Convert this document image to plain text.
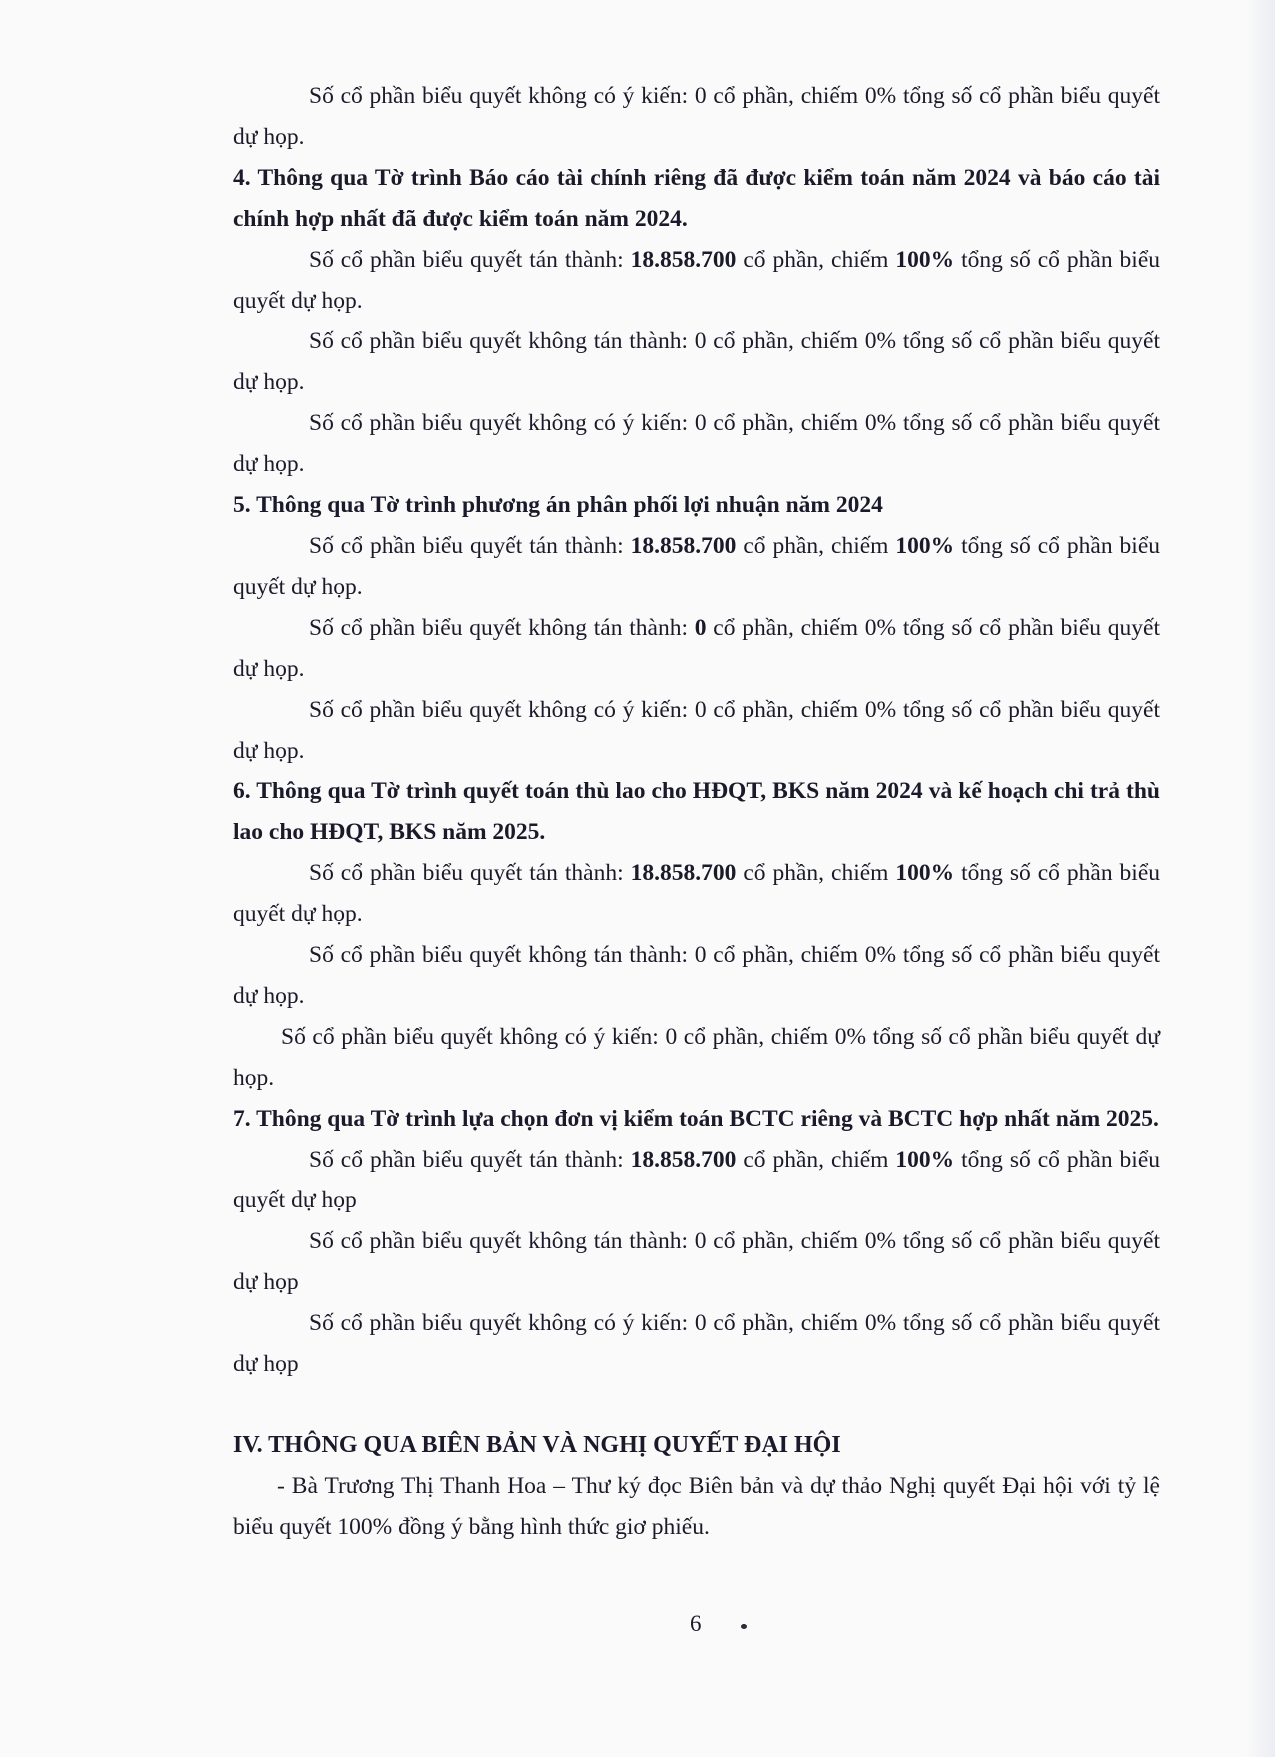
Số cổ phần biểu quyết không có ý kiến: 0 cổ phần, chiếm 0% tổng số cổ phần biểu quyết dự họp.

4. Thông qua Tờ trình Báo cáo tài chính riêng đã được kiểm toán năm 2024 và báo cáo tài chính hợp nhất đã được kiểm toán năm 2024.

Số cổ phần biểu quyết tán thành: 18.858.700 cổ phần, chiếm 100% tổng số cổ phần biểu quyết dự họp.

Số cổ phần biểu quyết không tán thành: 0 cổ phần, chiếm 0% tổng số cổ phần biểu quyết dự họp.

Số cổ phần biểu quyết không có ý kiến: 0 cổ phần, chiếm 0% tổng số cổ phần biểu quyết dự họp.

5. Thông qua Tờ trình phương án phân phối lợi nhuận năm 2024

Số cổ phần biểu quyết tán thành: 18.858.700 cổ phần, chiếm 100% tổng số cổ phần biểu quyết dự họp.

Số cổ phần biểu quyết không tán thành: 0 cổ phần, chiếm 0% tổng số cổ phần biểu quyết dự họp.

Số cổ phần biểu quyết không có ý kiến: 0 cổ phần, chiếm 0% tổng số cổ phần biểu quyết dự họp.

6. Thông qua Tờ trình quyết toán thù lao cho HĐQT, BKS năm 2024 và kế hoạch chi trả thù lao cho HĐQT, BKS năm 2025.

Số cổ phần biểu quyết tán thành: 18.858.700 cổ phần, chiếm 100% tổng số cổ phần biểu quyết dự họp.

Số cổ phần biểu quyết không tán thành: 0 cổ phần, chiếm 0% tổng số cổ phần biểu quyết dự họp.

Số cổ phần biểu quyết không có ý kiến: 0 cổ phần, chiếm 0% tổng số cổ phần biểu quyết dự họp.

7. Thông qua Tờ trình lựa chọn đơn vị kiểm toán BCTC riêng và BCTC hợp nhất năm 2025.

Số cổ phần biểu quyết tán thành: 18.858.700 cổ phần, chiếm 100% tổng số cổ phần biểu quyết dự họp

Số cổ phần biểu quyết không tán thành: 0 cổ phần, chiếm 0% tổng số cổ phần biểu quyết dự họp

Số cổ phần biểu quyết không có ý kiến: 0 cổ phần, chiếm 0% tổng số cổ phần biểu quyết dự họp

IV. THÔNG QUA BIÊN BẢN VÀ NGHỊ QUYẾT ĐẠI HỘI

- Bà Trương Thị Thanh Hoa – Thư ký đọc Biên bản và dự thảo Nghị quyết Đại hội với tỷ lệ biểu quyết 100% đồng ý bằng hình thức giơ phiếu.

6
